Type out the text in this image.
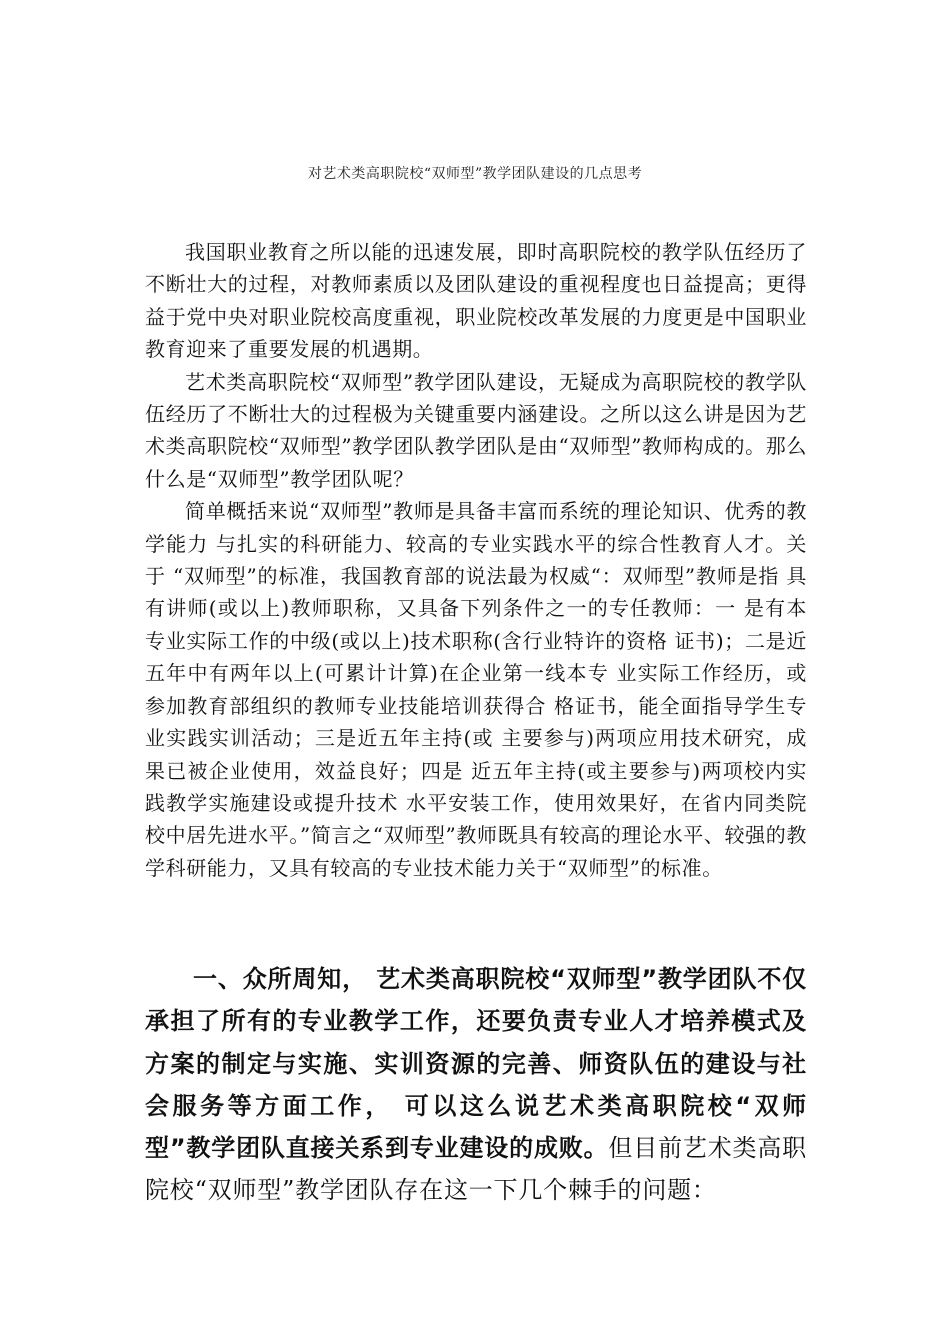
对艺术类高职院校“双师型”教学团队建设的几点思考

我国职业教育之所以能的迅速发展，即时高职院校的教学队伍经历了不断壮大的过程，对教师素质以及团队建设的重视程度也日益提高；更得益于党中央对职业院校高度重视，职业院校改革发展的力度更是中国职业教育迎来了重要发展的机遇期。

艺术类高职院校“双师型”教学团队建设，无疑成为高职院校的教学队伍经历了不断壮大的过程极为关键重要内涵建设。之所以这么讲是因为艺术类高职院校“双师型”教学团队教学团队是由“双师型”教师构成的。那么什么是“双师型”教学团队呢？

简单概括来说“双师型”教师是具备丰富而系统的理论知识、优秀的教学能力 与扎实的科研能力、较高的专业实践水平的综合性教育人才。关于 “双师型”的标准，我国教育部的说法最为权威“：双师型”教师是指 具有讲师(或以上)教师职称，又具备下列条件之一的专任教师：一 是有本专业实际工作的中级(或以上)技术职称(含行业特许的资格 证书)；二是近五年中有两年以上(可累计计算)在企业第一线本专 业实际工作经历，或参加教育部组织的教师专业技能培训获得合 格证书，能全面指导学生专业实践实训活动；三是近五年主持(或 主要参与)两项应用技术研究，成果已被企业使用，效益良好；四是 近五年主持(或主要参与)两项校内实践教学实施建设或提升技术 水平安装工作，使用效果好，在省内同类院校中居先进水平。”简言之“双师型”教师既具有较高的理论水平、较强的教学科研能力，又具有较高的专业技术能力关于“双师型”的标准。

一、众所周知， 艺术类高职院校“双师型”教学团队不仅承担了所有的专业教学工作，还要负责专业人才培养模式及方案的制定与实施、实训资源的完善、师资队伍的建设与社会服务等方面工作， 可以这么说艺术类高职院校“双师型”教学团队直接关系到专业建设的成败。但目前艺术类高职院校“双师型”教学团队存在这一下几个棘手的问题：
